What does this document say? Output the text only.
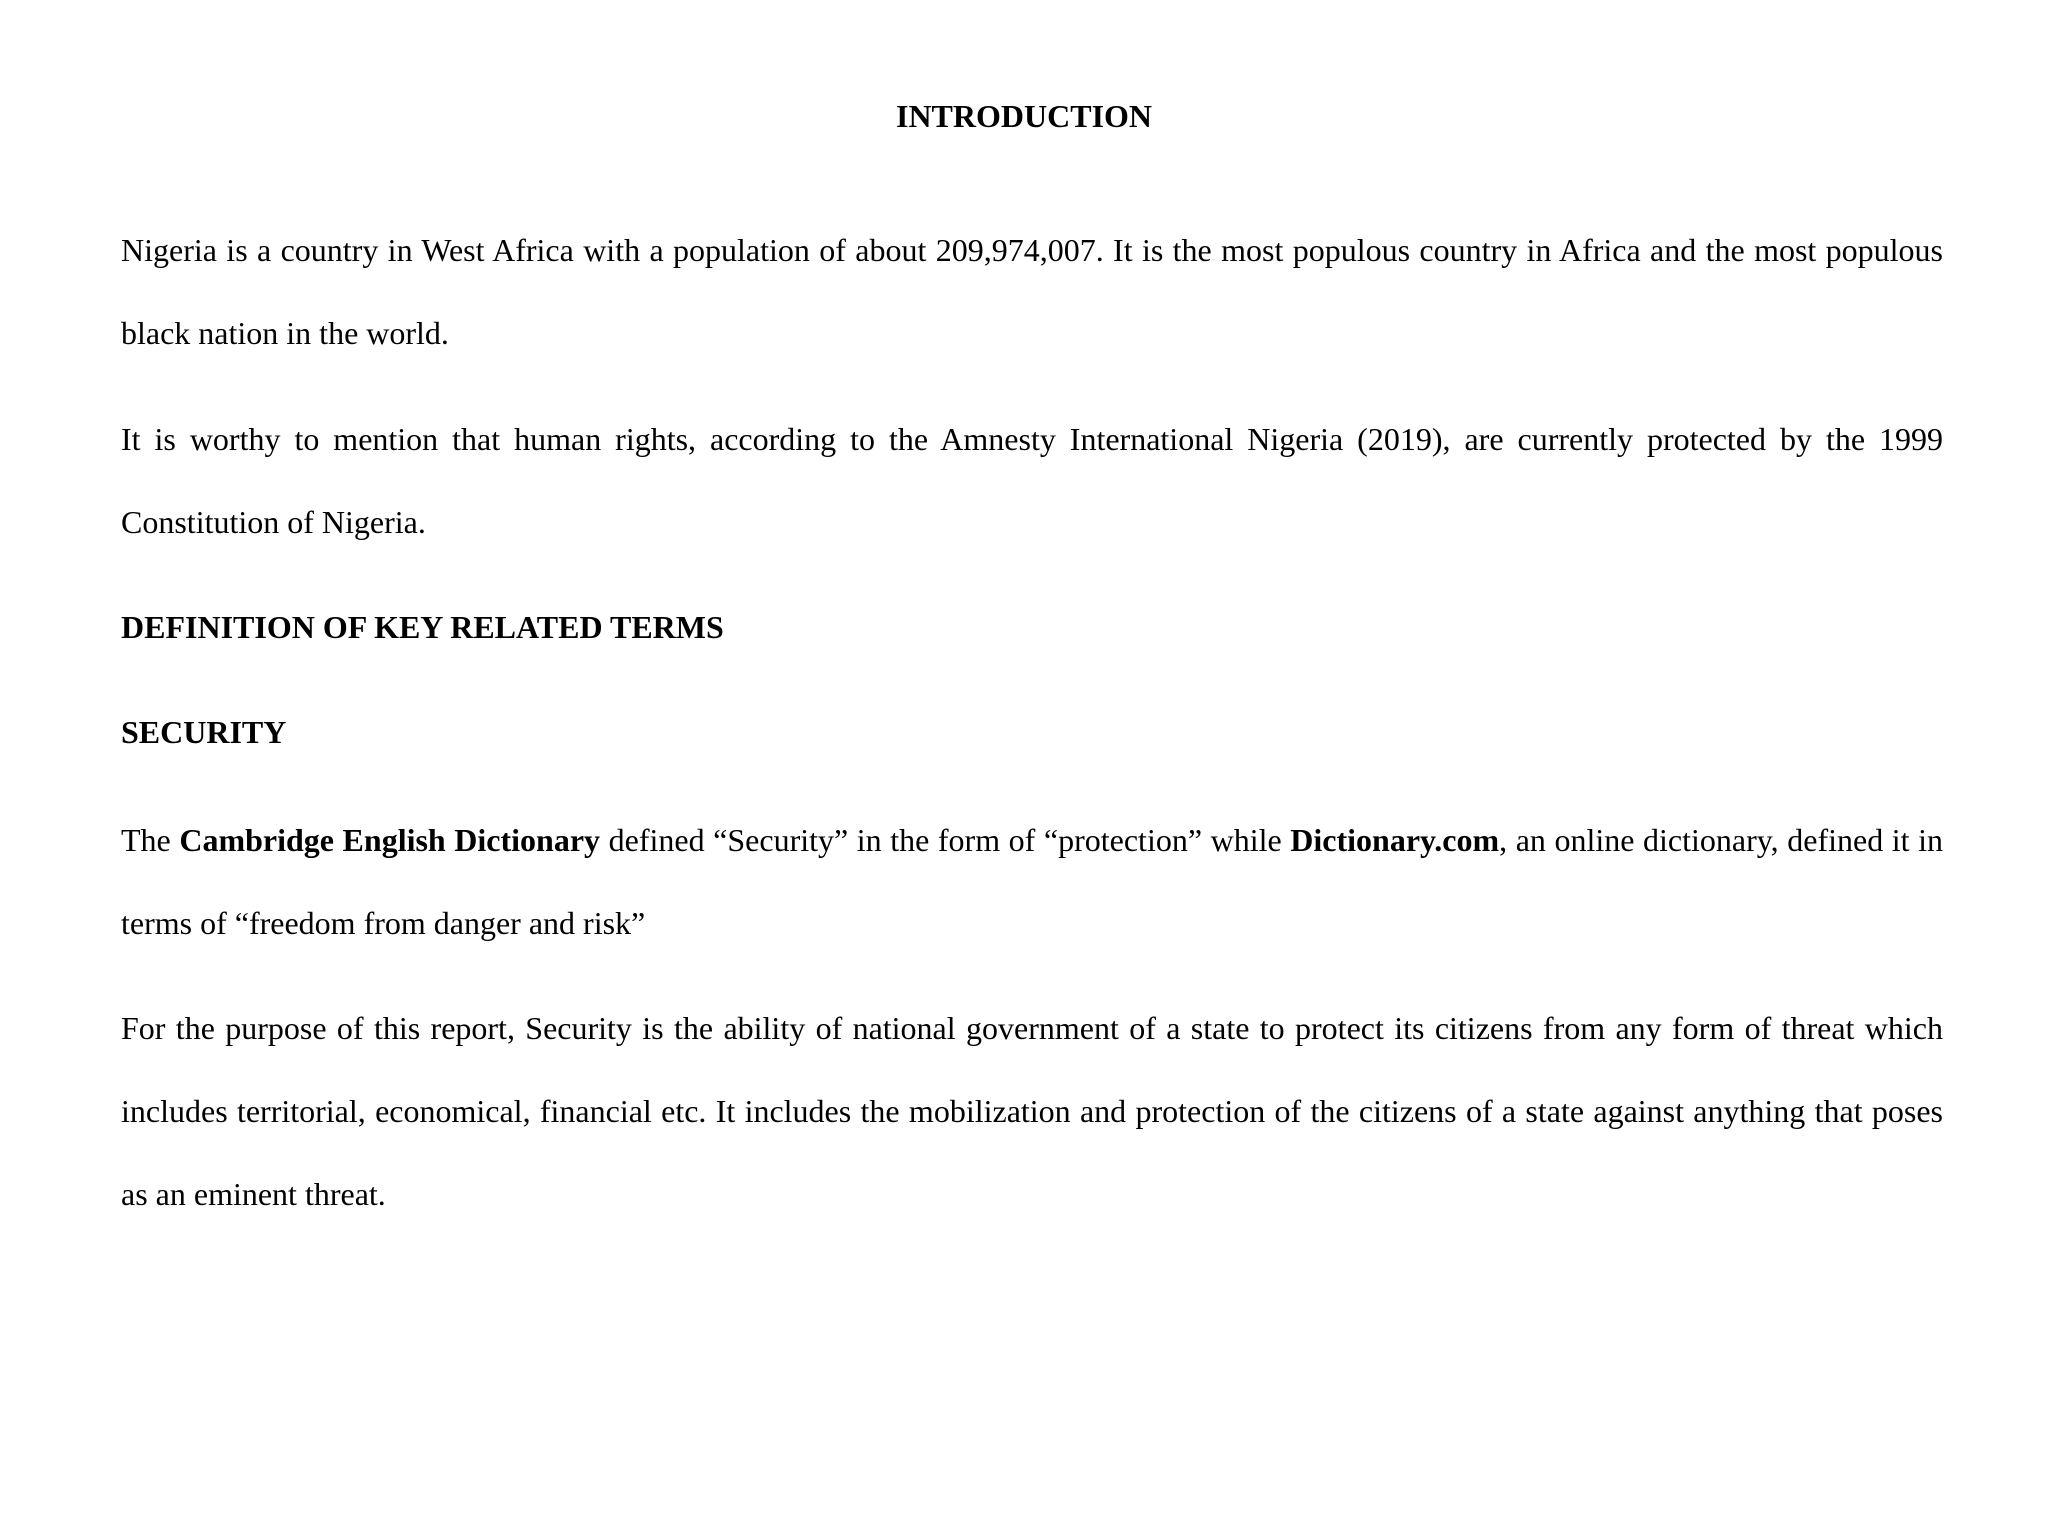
INTRODUCTION

Nigeria is a country in West Africa with a population of about 209,974,007. It is the most populous country in Africa and the most populous black nation in the world.

It is worthy to mention that human rights, according to the Amnesty International Nigeria (2019), are currently protected by the 1999 Constitution of Nigeria.

DEFINITION OF KEY RELATED TERMS
SECURITY

The Cambridge English Dictionary defined “Security” in the form of “protection” while Dictionary.com, an online dictionary, defined it in terms of “freedom from danger and risk”

For the purpose of this report, Security is the ability of national government of a state to protect its citizens from any form of threat which includes territorial, economical, financial etc. It includes the mobilization and protection of the citizens of a state against anything that poses as an eminent threat.
